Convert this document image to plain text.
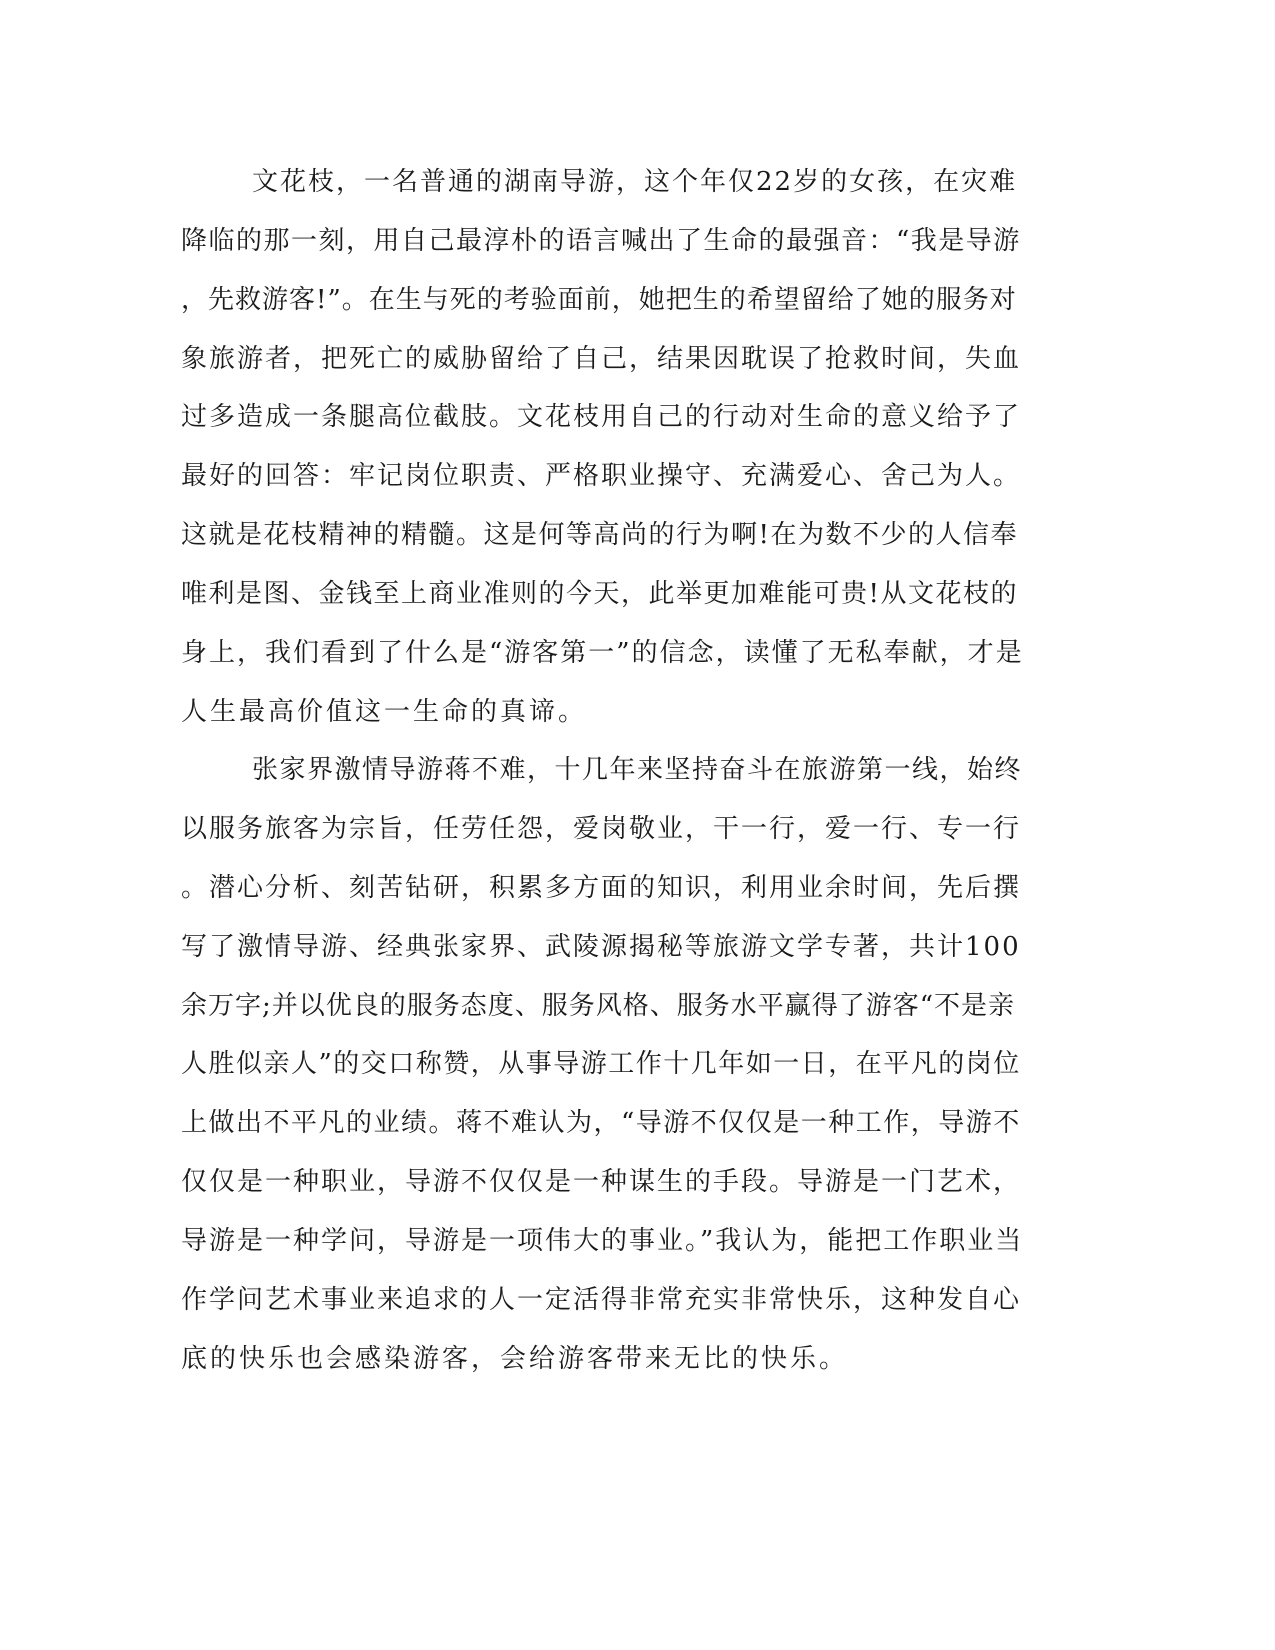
文花枝，一名普通的湖南导游，这个年仅22岁的女孩，在灾难
降临的那一刻，用自己最淳朴的语言喊出了生命的最强音：“我是导游
，先救游客!”。在生与死的考验面前，她把生的希望留给了她的服务对
象旅游者，把死亡的威胁留给了自己，结果因耽误了抢救时间，失血
过多造成一条腿高位截肢。文花枝用自己的行动对生命的意义给予了
最好的回答：牢记岗位职责、严格职业操守、充满爱心、舍己为人。
这就是花枝精神的精髓。这是何等高尚的行为啊!在为数不少的人信奉
唯利是图、金钱至上商业准则的今天，此举更加难能可贵!从文花枝的
身上，我们看到了什么是“游客第一”的信念，读懂了无私奉献，才是
人生最高价值这一生命的真谛。
张家界激情导游蒋不难，十几年来坚持奋斗在旅游第一线，始终
以服务旅客为宗旨，任劳任怨，爱岗敬业，干一行，爱一行、专一行
。潜心分析、刻苦钻研，积累多方面的知识，利用业余时间，先后撰
写了激情导游、经典张家界、武陵源揭秘等旅游文学专著，共计100
余万字;并以优良的服务态度、服务风格、服务水平赢得了游客“不是亲
人胜似亲人”的交口称赞，从事导游工作十几年如一日，在平凡的岗位
上做出不平凡的业绩。蒋不难认为，“导游不仅仅是一种工作，导游不
仅仅是一种职业，导游不仅仅是一种谋生的手段。导游是一门艺术，
导游是一种学问，导游是一项伟大的事业。”我认为，能把工作职业当
作学问艺术事业来追求的人一定活得非常充实非常快乐，这种发自心
底的快乐也会感染游客，会给游客带来无比的快乐。
